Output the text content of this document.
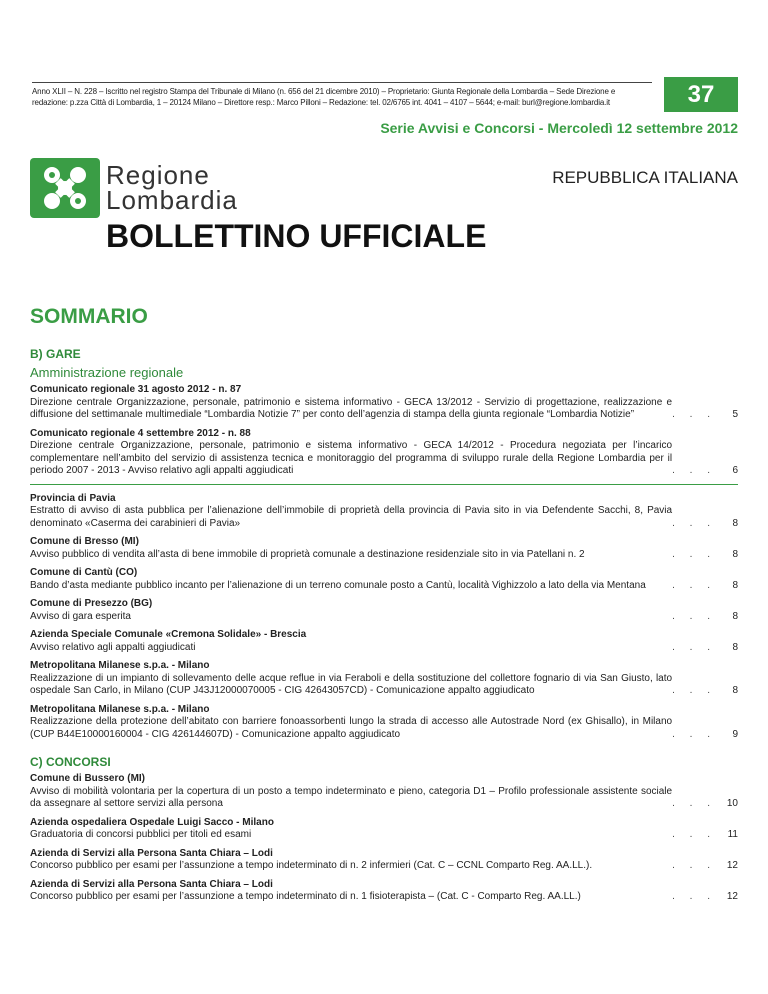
Anno XLII – N. 228 – Iscritto nel registro Stampa del Tribunale di Milano (n. 656 del 21 dicembre 2010) – Proprietario: Giunta Regionale della Lombardia – Sede Direzione e
redazione: p.zza Città di Lombardia, 1 – 20124 Milano – Direttore resp.: Marco Pilloni – Redazione: tel. 02/6765 int. 4041 – 4107 – 5644; e-mail: burl@regione.lombardia.it	37
Serie Avvisi e Concorsi - Mercoledì 12 settembre 2012
Regione
Lombardia
REPUBBLICA ITALIANA
BOLLETTINO UFFICIALE
SOMMARIO
B) GARE
Amministrazione regionale
Comunicato regionale 31 agosto 2012 - n. 87
Direzione centrale Organizzazione, personale, patrimonio e sistema informativo - GECA 13/2012 - Servizio di progettazione, realizzazione e diffusione del settimanale multimediale “Lombardia Notizie 7” per conto dell’agenzia di stampa della giunta regionale “Lombardia Notizie”	. . .	5
Comunicato regionale 4 settembre 2012 - n. 88
Direzione centrale Organizzazione, personale, patrimonio e sistema informativo - GECA 14/2012 - Procedura negoziata per l’incarico complementare nell’ambito del servizio di assistenza tecnica e monitoraggio del programma di sviluppo rurale della Regione Lombardia per il periodo 2007 - 2013 - Avviso relativo agli appalti aggiudicati	. . .	6
Provincia di Pavia
Estratto di avviso di asta pubblica per l’alienazione dell’immobile di proprietà della provincia di Pavia sito in via Defendente Sacchi, 8, Pavia denominato «Caserma dei carabinieri di Pavia»	. . .	8
Comune di Bresso (MI)
Avviso pubblico di vendita all’asta di bene immobile di proprietà comunale a destinazione residenziale sito in via Patellani n. 2	. . .	8
Comune di Cantù (CO)
Bando d’asta mediante pubblico incanto per l’alienazione di un terreno comunale posto a Cantù, località Vighizzolo a lato della via Mentana	. . .	8
Comune di Presezzo (BG)
Avviso di gara esperita	. . .	8
Azienda Speciale Comunale «Cremona Solidale» - Brescia
Avviso relativo agli appalti aggiudicati	. . .	8
Metropolitana Milanese s.p.a. - Milano
Realizzazione di un impianto di sollevamento delle acque reflue in via Feraboli e della sostituzione del collettore fognario di via San Giusto, lato ospedale San Carlo, in Milano (CUP J43J12000070005 - CIG 42643057CD) - Comunicazione appalto aggiudicato	. . .	8
Metropolitana Milanese s.p.a. - Milano
Realizzazione della protezione dell’abitato con barriere fonoassorbenti lungo la strada di accesso alle Autostrade Nord (ex Ghisallo), in Milano (CUP B44E10000160004 - CIG 426144607D) - Comunicazione appalto aggiudicato	. . .	9
C) CONCORSI
Comune di Bussero (MI)
Avviso di mobilità volontaria per la copertura di un posto a tempo indeterminato e pieno, categoria D1 – Profilo professionale assistente sociale da assegnare al settore servizi alla persona	. . .	10
Azienda ospedaliera Ospedale Luigi Sacco - Milano
Graduatoria di concorsi pubblici per titoli ed esami	. . .	11
Azienda di Servizi alla Persona Santa Chiara – Lodi
Concorso pubblico per esami per l’assunzione a tempo indeterminato di n. 2 infermieri (Cat. C – CCNL Comparto Reg. AA.LL.).	. . .	12
Azienda di Servizi alla Persona Santa Chiara – Lodi
Concorso pubblico per esami per l’assunzione a tempo indeterminato di n. 1 fisioterapista – (Cat. C - Comparto Reg. AA.LL.)	. . .	12
